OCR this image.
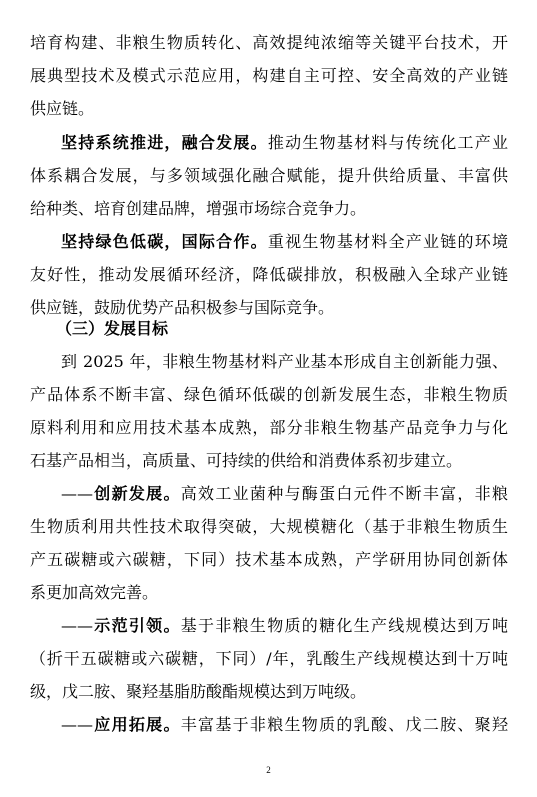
培育构建、非粮生物质转化、高效提纯浓缩等关键平台技术，开
展典型技术及模式示范应用，构建自主可控、安全高效的产业链
供应链。
坚持系统推进，融合发展。推动生物基材料与传统化工产业
体系耦合发展，与多领域强化融合赋能，提升供给质量、丰富供
给种类、培育创建品牌，增强市场综合竞争力。
坚持绿色低碳，国际合作。重视生物基材料全产业链的环境
友好性，推动发展循环经济，降低碳排放，积极融入全球产业链
供应链，鼓励优势产品积极参与国际竞争。
（三）发展目标
到 2025 年，非粮生物基材料产业基本形成自主创新能力强、
产品体系不断丰富、绿色循环低碳的创新发展生态，非粮生物质
原料利用和应用技术基本成熟，部分非粮生物基产品竞争力与化
石基产品相当，高质量、可持续的供给和消费体系初步建立。
——创新发展。高效工业菌种与酶蛋白元件不断丰富，非粮
生物质利用共性技术取得突破，大规模糖化（基于非粮生物质生
产五碳糖或六碳糖，下同）技术基本成熟，产学研用协同创新体
系更加高效完善。
——示范引领。基于非粮生物质的糖化生产线规模达到万吨
（折干五碳糖或六碳糖，下同）/年，乳酸生产线规模达到十万吨
级，戊二胺、聚羟基脂肪酸酯规模达到万吨级。
——应用拓展。丰富基于非粮生物质的乳酸、戊二胺、聚羟
2
